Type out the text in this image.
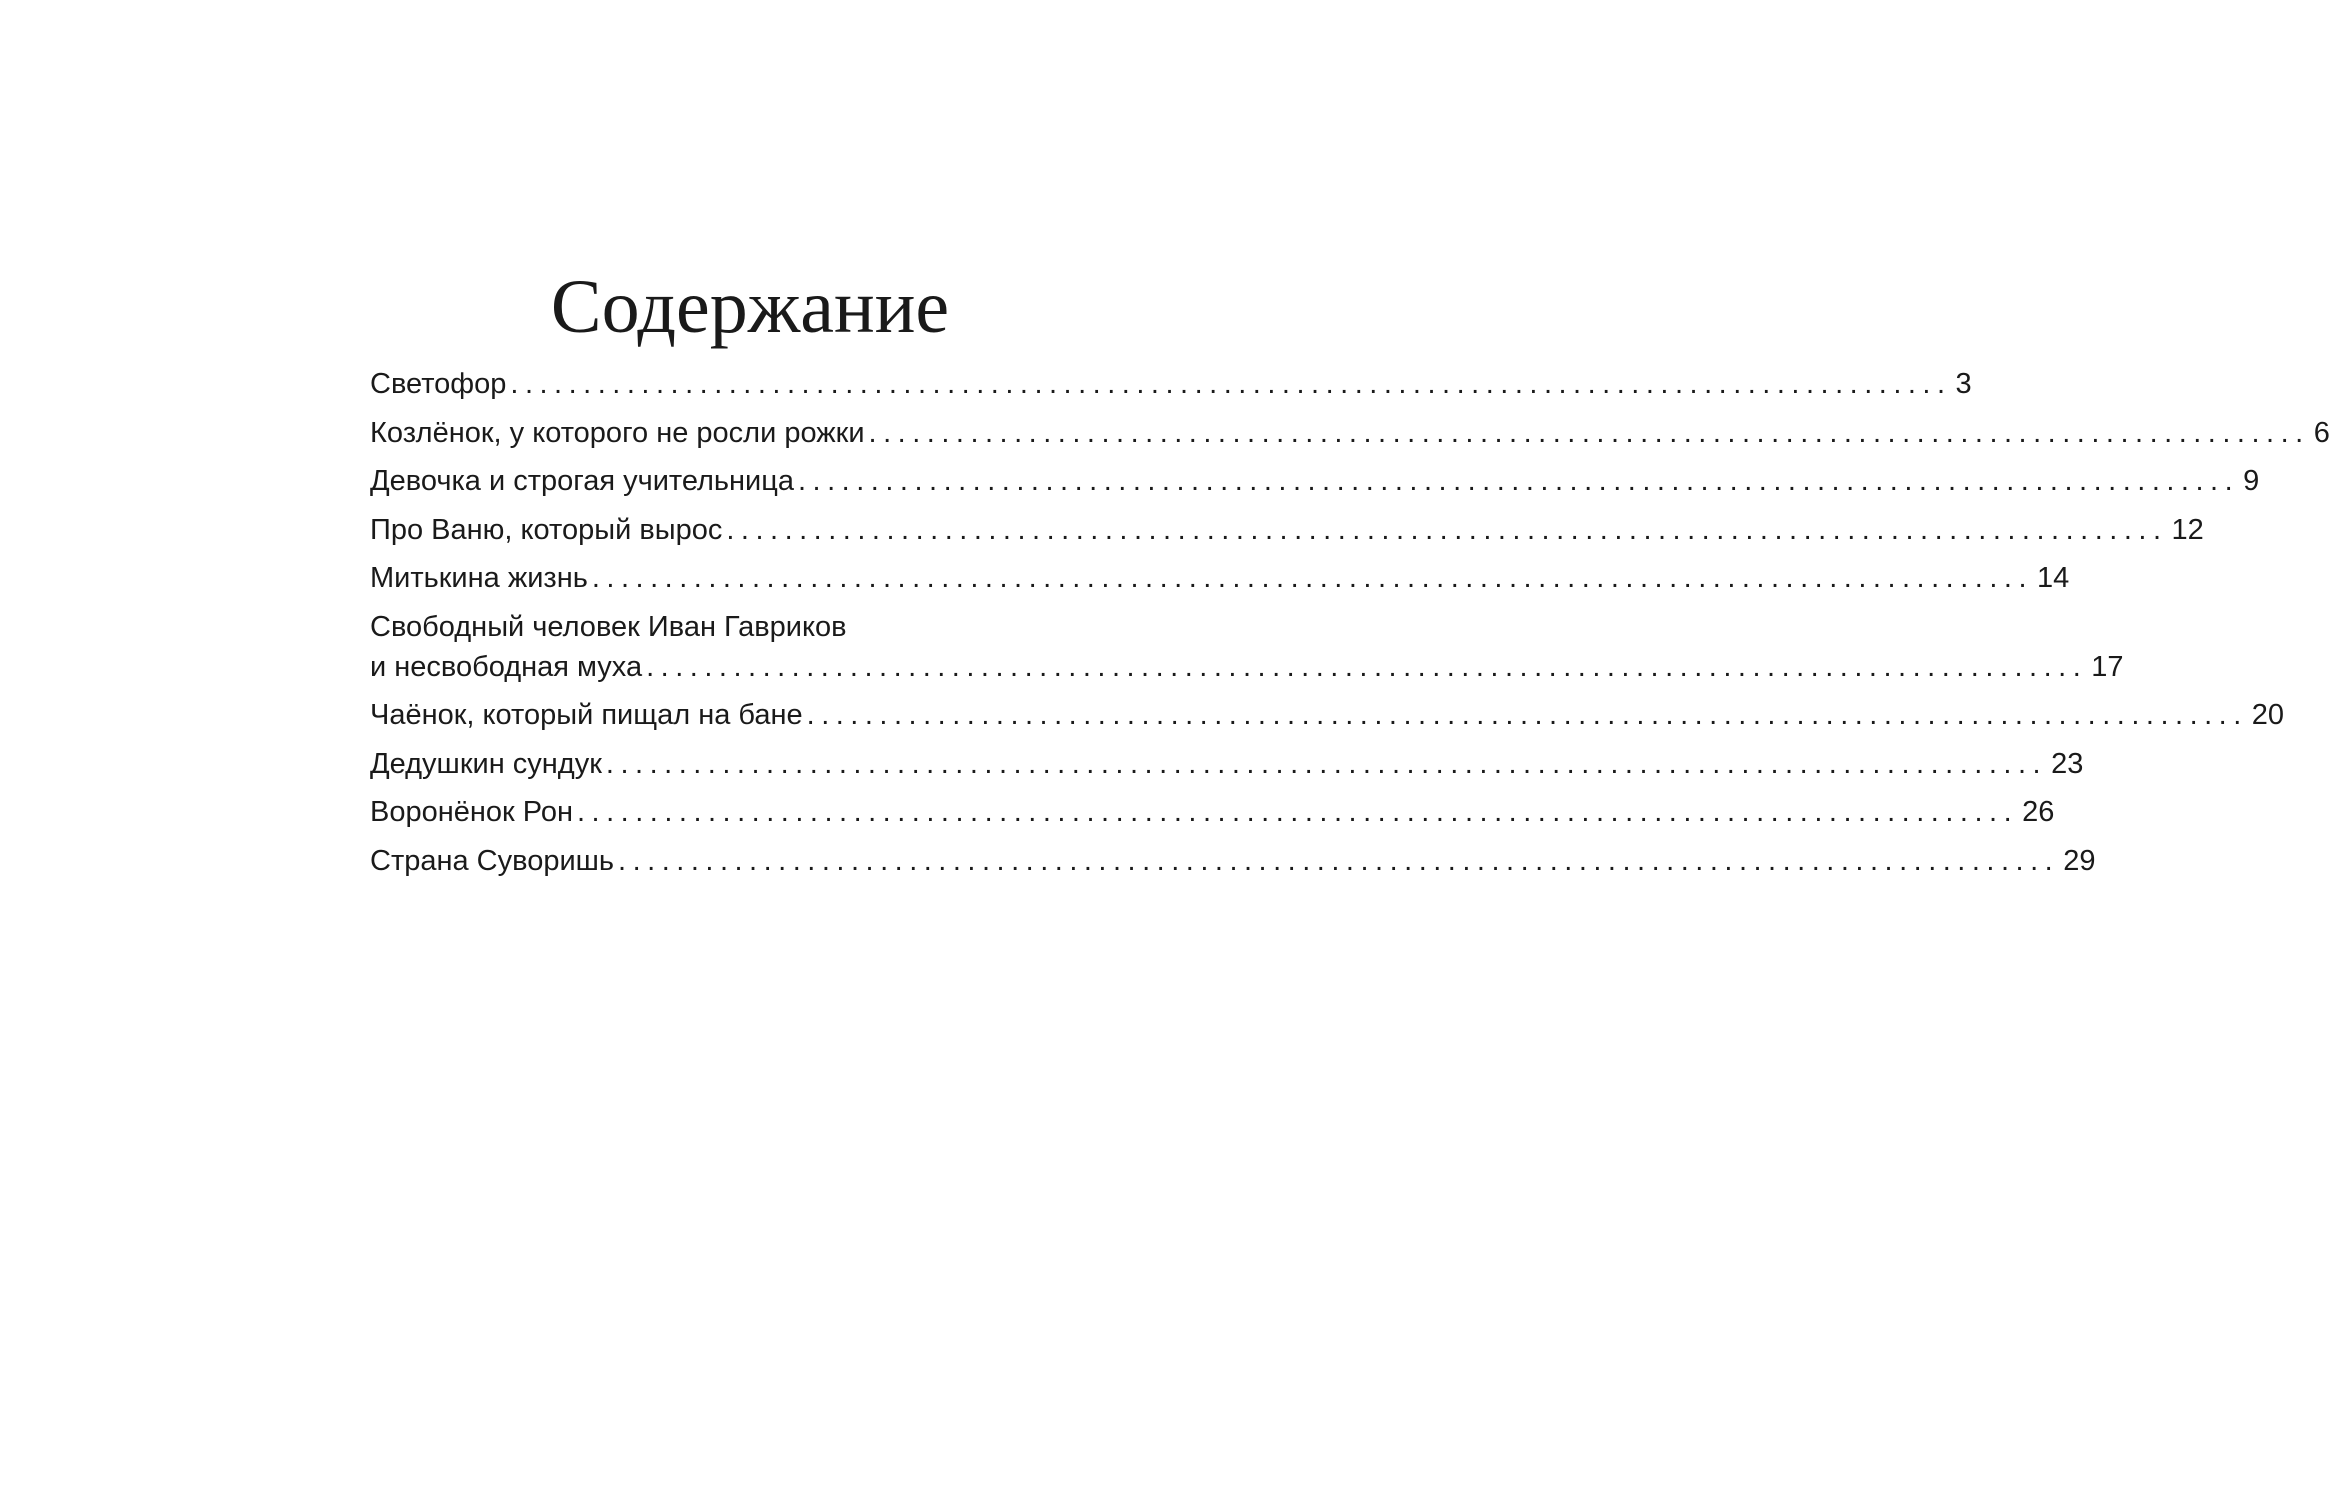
Содержание
Светофор ................................................................................................... 3
Козлёнок, у которого не росли рожки ................................................................................................... 6
Девочка и строгая учительница ................................................................................................... 9
Про Ваню, который вырос ................................................................................................... 12
Митькина жизнь ................................................................................................... 14
Свободный человек Иван Гавриков
и несвободная муха ................................................................................................... 17
Чаёнок, который пищал на бане ................................................................................................... 20
Дедушкин сундук ................................................................................................... 23
Воронёнок Рон ................................................................................................... 26
Страна Суворишь ................................................................................................... 29
